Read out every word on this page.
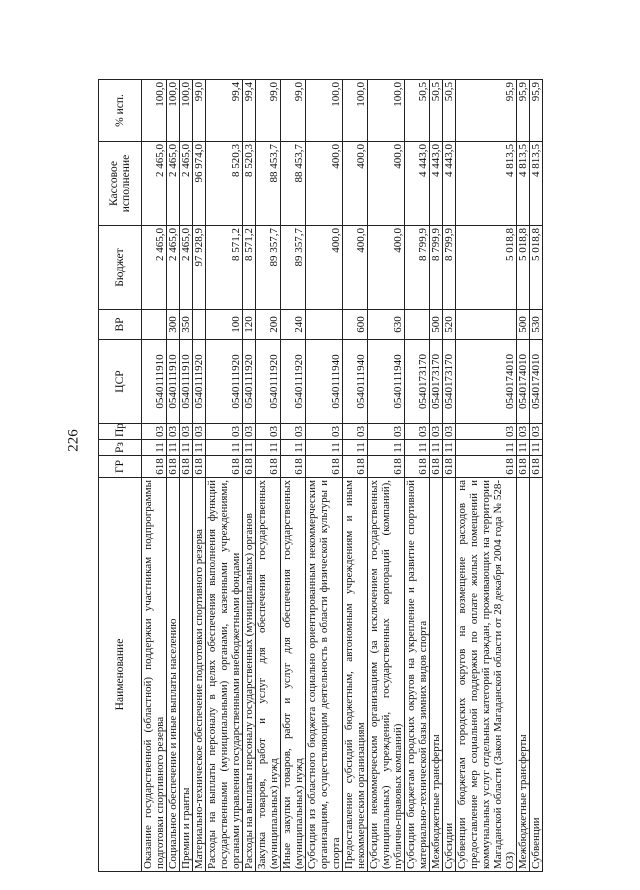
226
Наименование	ГР	Рз	Пр	ЦСР	ВР	Бюджет	Кассовое исполнение	% исп.
Оказание государственной (областной) поддержки участникам подпрограммы подготовки спортивного резерва	618	11	03	0540111910		2 465,0	2 465,0	100,0
Социальное обеспечение и иные выплаты населению	618	11	03	0540111910	300	2 465,0	2 465,0	100,0
Премии и гранты	618	11	03	0540111910	350	2 465,0	2 465,0	100,0
Материально-техническое обеспечение подготовки спортивного резерва	618	11	03	0540111920		97 928,9	96 974,0	99,0
Расходы на выплаты персоналу в целях обеспечения выполнения функций государственными (муниципальными) органами, казенными учреждениями, органами управления государственными внебюджетными фондами	618	11	03	0540111920	100	8 571,2	8 520,3	99,4
Расходы на выплаты персоналу государственных (муниципальных) органов	618	11	03	0540111920	120	8 571,2	8 520,3	99,4
Закупка товаров, работ и услуг для обеспечения государственных (муниципальных) нужд	618	11	03	0540111920	200	89 357,7	88 453,7	99,0
Иные закупки товаров, работ и услуг для обеспечения государственных (муниципальных) нужд	618	11	03	0540111920	240	89 357,7	88 453,7	99,0
Субсидия из областного бюджета социально ориентированным некоммерческим организациям, осуществляющим деятельность в области физической культуры и спорта	618	11	03	0540111940		400,0	400,0	100,0
Предоставление субсидий бюджетным, автономным учреждениям и иным некоммерческим организациям	618	11	03	0540111940	600	400,0	400,0	100,0
Субсидии некоммерческим организациям (за исключением государственных (муниципальных) учреждений, государственных корпораций (компаний), публично-правовых компаний)	618	11	03	0540111940	630	400,0	400,0	100,0
Субсидии бюджетам городских округов на укрепление и развитие спортивной материально-технической базы зимних видов спорта	618	11	03	0540173170		8 799,9	4 443,0	50,5
Межбюджетные трансферты	618	11	03	0540173170	500	8 799,9	4 443,0	50,5
Субсидии	618	11	03	0540173170	520	8 799,9	4 443,0	50,5
Субвенции бюджетам городских округов на возмещение расходов на предоставление мер социальной поддержки по оплате жилых помещений и коммунальных услуг отдельных категорий граждан, проживающих на территории Магаданской области (Закон Магаданской области от 28 декабря 2004 года № 528-ОЗ)	618	11	03	0540174010		5 018,8	4 813,5	95,9
Межбюджетные трансферты	618	11	03	0540174010	500	5 018,8	4 813,5	95,9
Субвенции	618	11	03	0540174010	530	5 018,8	4 813,5	95,9
